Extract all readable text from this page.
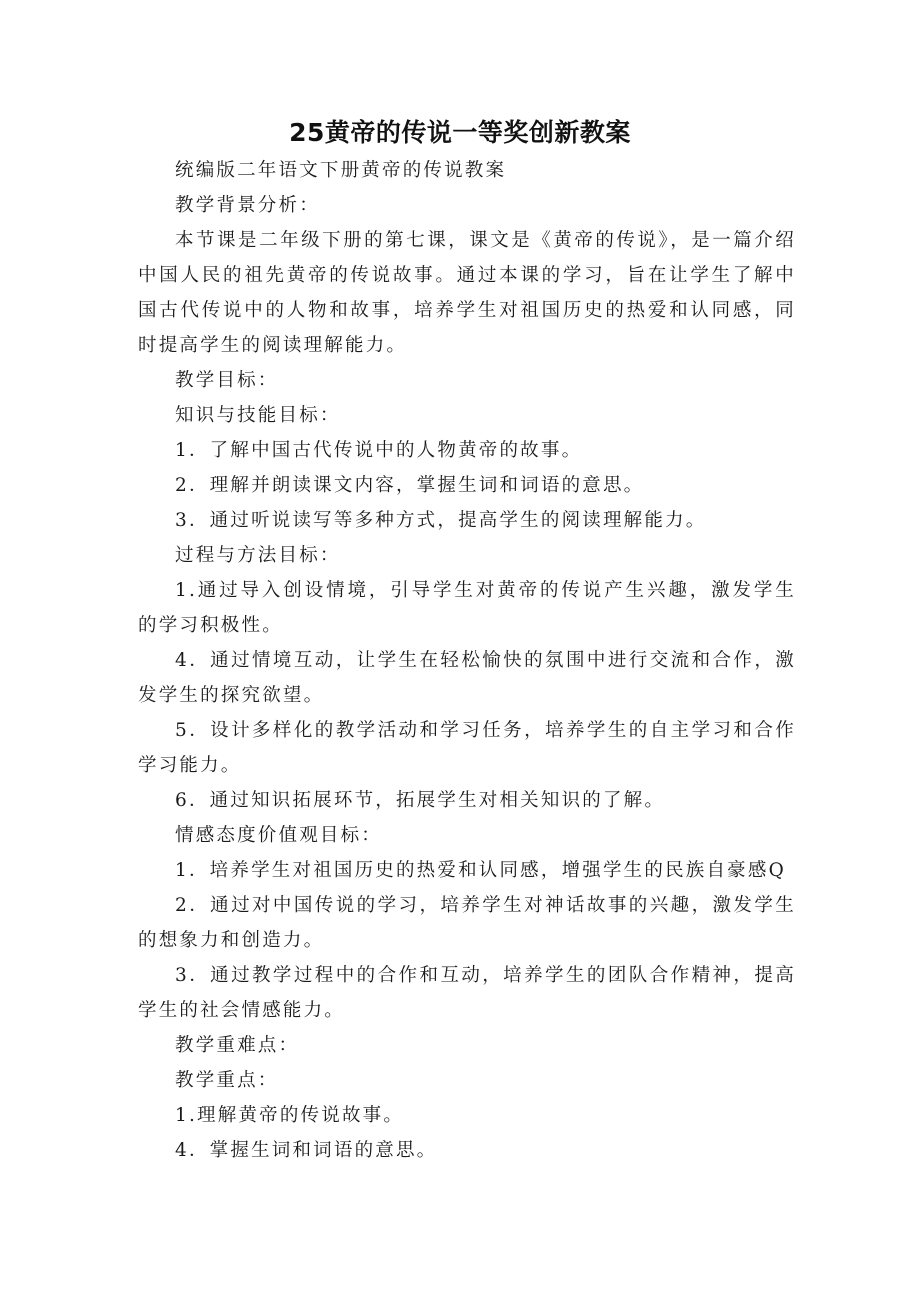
25黄帝的传说一等奖创新教案

统编版二年语文下册黄帝的传说教案

教学背景分析：

本节课是二年级下册的第七课，课文是《黄帝的传说》，是一篇介绍中国人民的祖先黄帝的传说故事。通过本课的学习，旨在让学生了解中国古代传说中的人物和故事，培养学生对祖国历史的热爱和认同感，同时提高学生的阅读理解能力。

教学目标：

知识与技能目标：

1．了解中国古代传说中的人物黄帝的故事。

2．理解并朗读课文内容，掌握生词和词语的意思。

3．通过听说读写等多种方式，提高学生的阅读理解能力。

过程与方法目标：

1.通过导入创设情境，引导学生对黄帝的传说产生兴趣，激发学生的学习积极性。

4．通过情境互动，让学生在轻松愉快的氛围中进行交流和合作，激发学生的探究欲望。

5．设计多样化的教学活动和学习任务，培养学生的自主学习和合作学习能力。

6．通过知识拓展环节，拓展学生对相关知识的了解。

情感态度价值观目标：

1．培养学生对祖国历史的热爱和认同感，增强学生的民族自豪感Q

2．通过对中国传说的学习，培养学生对神话故事的兴趣，激发学生的想象力和创造力。

3．通过教学过程中的合作和互动，培养学生的团队合作精神，提高学生的社会情感能力。

教学重难点：

教学重点：

1.理解黄帝的传说故事。

4．掌握生词和词语的意思。
